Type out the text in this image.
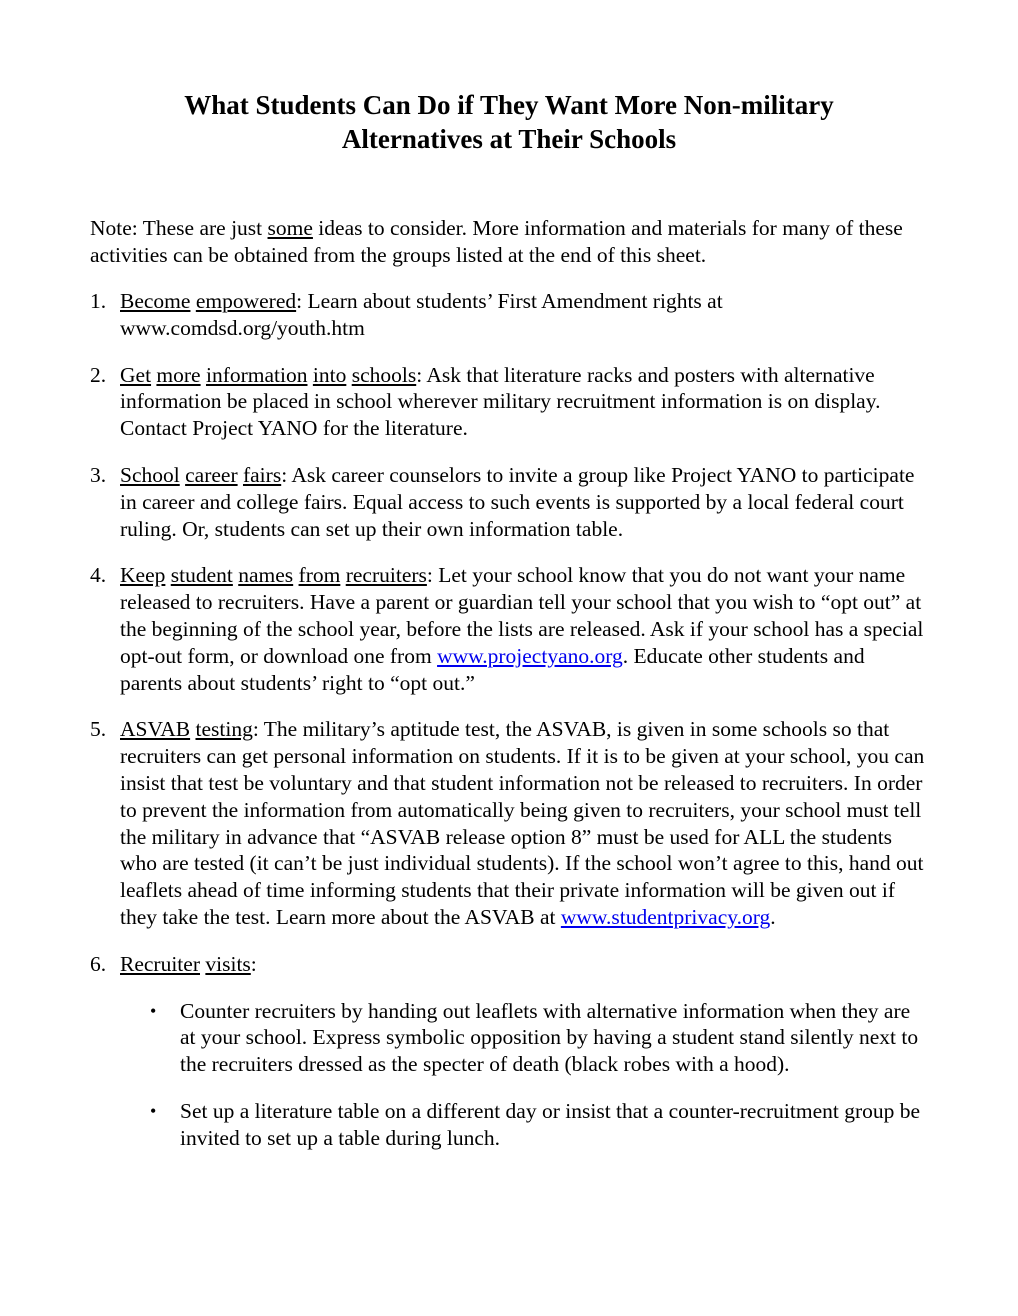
What Students Can Do if They Want More Non-military
Alternatives at Their Schools
Note: These are just some ideas to consider. More information and materials for many of these activities can be obtained from the groups listed at the end of this sheet.
1. Become empowered: Learn about students’ First Amendment rights at www.comdsd.org/youth.htm
2. Get more information into schools: Ask that literature racks and posters with alternative information be placed in school wherever military recruitment information is on display. Contact Project YANO for the literature.
3. School career fairs: Ask career counselors to invite a group like Project YANO to participate in career and college fairs. Equal access to such events is supported by a local federal court ruling. Or, students can set up their own information table.
4. Keep student names from recruiters: Let your school know that you do not want your name released to recruiters. Have a parent or guardian tell your school that you wish to “opt out” at the beginning of the school year, before the lists are released. Ask if your school has a special opt-out form, or download one from www.projectyano.org. Educate other students and parents about students’ right to “opt out.”
5. ASVAB testing: The military’s aptitude test, the ASVAB, is given in some schools so that recruiters can get personal information on students. If it is to be given at your school, you can insist that test be voluntary and that student information not be released to recruiters. In order to prevent the information from automatically being given to recruiters, your school must tell the military in advance that “ASVAB release option 8” must be used for ALL the students who are tested (it can’t be just individual students). If the school won’t agree to this, hand out leaflets ahead of time informing students that their private information will be given out if they take the test. Learn more about the ASVAB at www.studentprivacy.org.
6. Recruiter visits:
• Counter recruiters by handing out leaflets with alternative information when they are at your school. Express symbolic opposition by having a student stand silently next to the recruiters dressed as the specter of death (black robes with a hood).
• Set up a literature table on a different day or insist that a counter-recruitment group be invited to set up a table during lunch.
